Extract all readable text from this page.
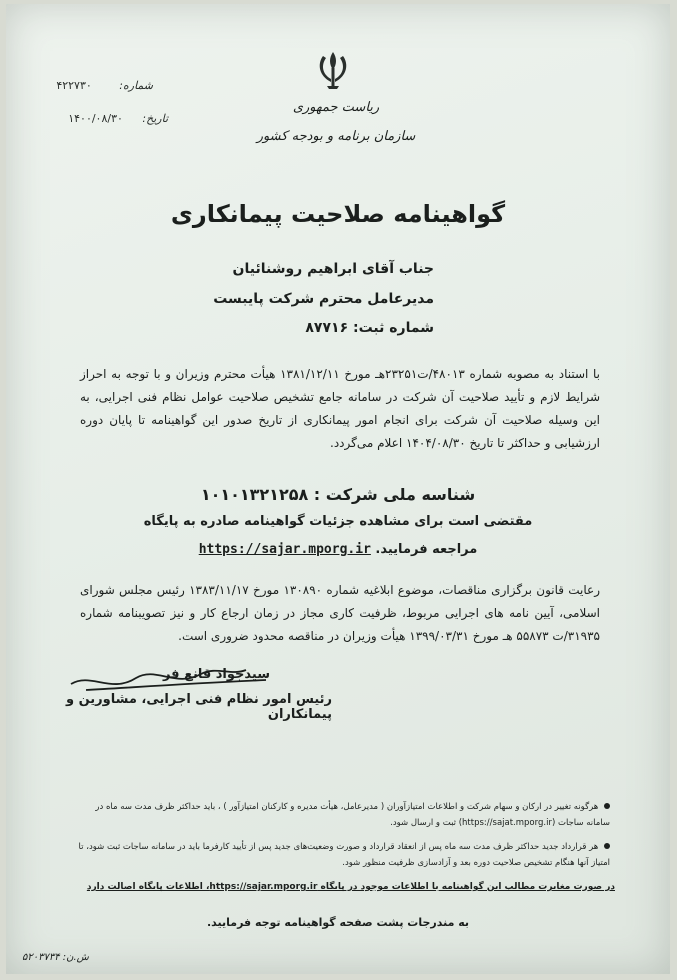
ریاست جمهوری
سازمان برنامه و بودجه کشور
شماره: ۴۲۲۷۳۰
تاریخ: ۱۴۰۰/۰۸/۳۰
گواهینامه صلاحیت پیمانکاری
جناب آقای ابراهیم روشنائیان
مدیرعامل محترم شرکت پایبست
شماره ثبت: ۸۷۷۱۶
با استناد به مصوبه شماره ۴۸۰۱۳/ت۲۳۲۵۱هـ مورخ ۱۳۸۱/۱۲/۱۱ هیأت محترم وزیران و با توجه به احراز شرایط لازم و تأیید صلاحیت آن شرکت در سامانه جامع تشخیص صلاحیت عوامل نظام فنی اجرایی، به این وسیله صلاحیت آن شرکت برای انجام امور پیمانکاری از تاریخ صدور این گواهینامه تا پایان دوره ارزشیابی و حداکثر تا تاریخ ۱۴۰۴/۰۸/۳۰ اعلام می‌گردد.
شناسه ملی شرکت : ۱۰۱۰۱۳۲۱۲۵۸
مقتضی است برای مشاهده جزئیات گواهینامه صادره به پایگاه
مراجعه فرمایید. https://sajar.mporg.ir
رعایت قانون برگزاری مناقصات، موضوع ابلاغیه شماره ۱۳۰۸۹۰ مورخ ۱۳۸۳/۱۱/۱۷ رئیس مجلس شورای اسلامی، آیین نامه های اجرایی مربوط، ظرفیت کاری مجاز در زمان ارجاع کار و نیز تصویبنامه شماره ۳۱۹۳۵/ت ۵۵۸۷۳ هـ مورخ ۱۳۹۹/۰۳/۳۱ هیأت وزیران در مناقصه محدود ضروری است.
سیدجواد قانع فر
رئیس امور نظام فنی اجرایی، مشاورین و پیمانکاران
هرگونه تغییر در ارکان و سهام شرکت و اطلاعات امتیازآوران ( مدیرعامل، هیأت مدیره و کارکنان امتیازآور ) ، باید حداکثر ظرف مدت سه ماه در سامانه ساجات (https://sajat.mporg.ir) ثبت و ارسال شود.
هر قرارداد جدید حداکثر ظرف مدت سه ماه پس از انعقاد قرارداد و صورت وضعیت‌های جدید پس از تأیید کارفرما باید در سامانه ساجات ثبت شود، تا امتیاز آنها هنگام تشخیص صلاحیت دوره بعد و آزادسازی ظرفیت منظور شود.
در صورت مغایرت مطالب این گواهینامه با اطلاعات موجود در پایگاه https://sajar.mporg.ir، اطلاعات پایگاه اصالت دارد
به مندرجات پشت صفحه گواهینامه توجه فرمایید.
ش.ن: ۵۲۰۳۷۳۴
